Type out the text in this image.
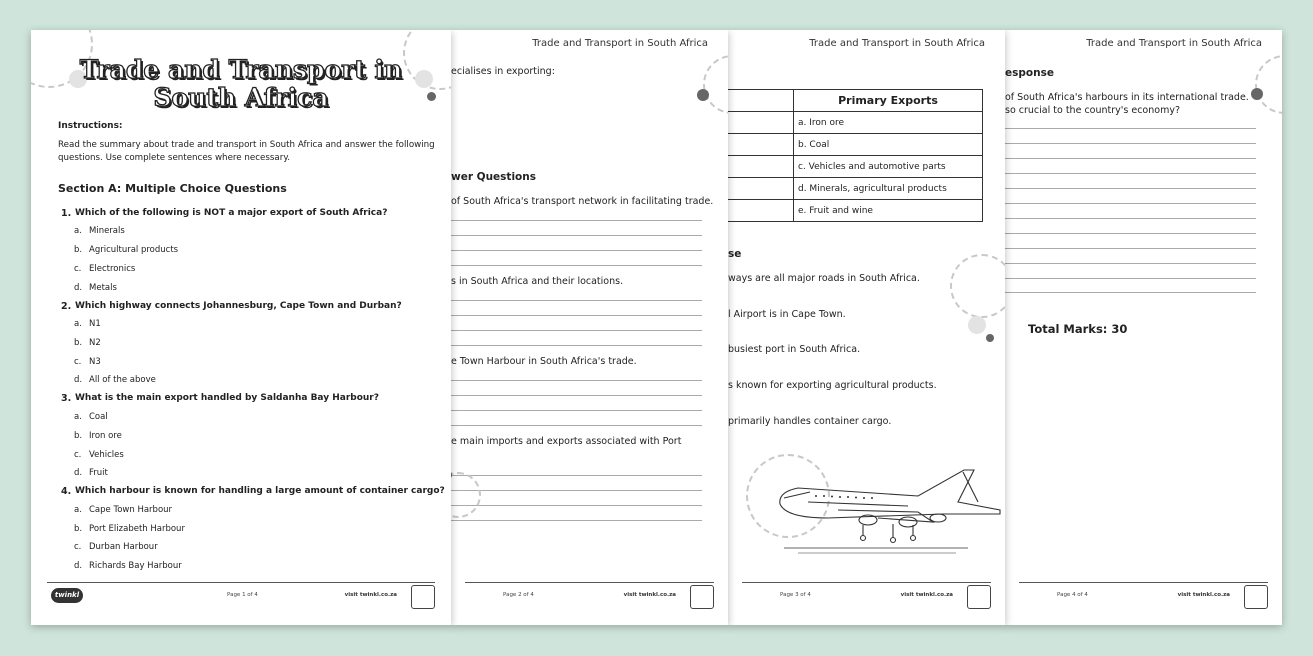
Trade and Transport in South Africa
esponse
of South Africa's harbours in its international trade.
so crucial to the country's economy?
Total Marks: 30
Page 4 of 4	visit twinkl.co.za
Trade and Transport in South Africa
	Primary Exports
	a. Iron ore
	b. Coal
	c. Vehicles and automotive parts
	d. Minerals, agricultural products
	e. Fruit and wine
se
ways are all major roads in South Africa.
l Airport is in Cape Town.
busiest port in South Africa.
s known for exporting agricultural products.
primarily handles container cargo.
Page 3 of 4	visit twinkl.co.za
Trade and Transport in South Africa
ecialises in exporting:
wer Questions
of South Africa's transport network in facilitating trade.
s in South Africa and their locations.
e Town Harbour in South Africa's trade.
e main imports and exports associated with Port
Page 2 of 4	visit twinkl.co.za
Trade and Transport in
South Africa
Instructions:
Read the summary about trade and transport in South Africa and answer the following
questions. Use complete sentences where necessary.
Section A: Multiple Choice Questions
1. Which of the following is NOT a major export of South Africa?
a. Minerals
b. Agricultural products
c. Electronics
d. Metals
2. Which highway connects Johannesburg, Cape Town and Durban?
a. N1
b. N2
c. N3
d. All of the above
3. What is the main export handled by Saldanha Bay Harbour?
a. Coal
b. Iron ore
c. Vehicles
d. Fruit
4. Which harbour is known for handling a large amount of container cargo?
a. Cape Town Harbour
b. Port Elizabeth Harbour
c. Durban Harbour
d. Richards Bay Harbour
twinkl	Page 1 of 4	visit twinkl.co.za
